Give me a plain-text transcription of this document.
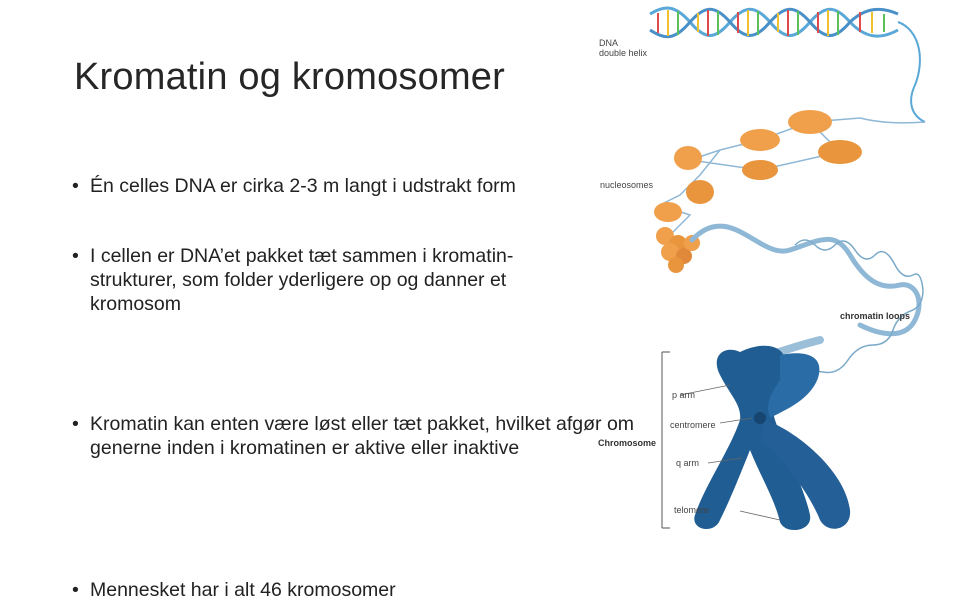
Kromatin og kromosomer
• Én celles DNA er cirka 2-3 m langt i udstrakt form
• I cellen er DNA’et pakket tæt sammen i kromatin-strukturer, som folder yderligere op og danner et kromosom
• Kromatin kan enten være løst eller tæt pakket, hvilket afgør om generne inden i kromatinen er aktive eller inaktive
• Mennesket har i alt 46 kromosomer
DNA
double helix
nucleosomes
chromatin loops
Chromosome
p arm
centromere
q arm
telomere
